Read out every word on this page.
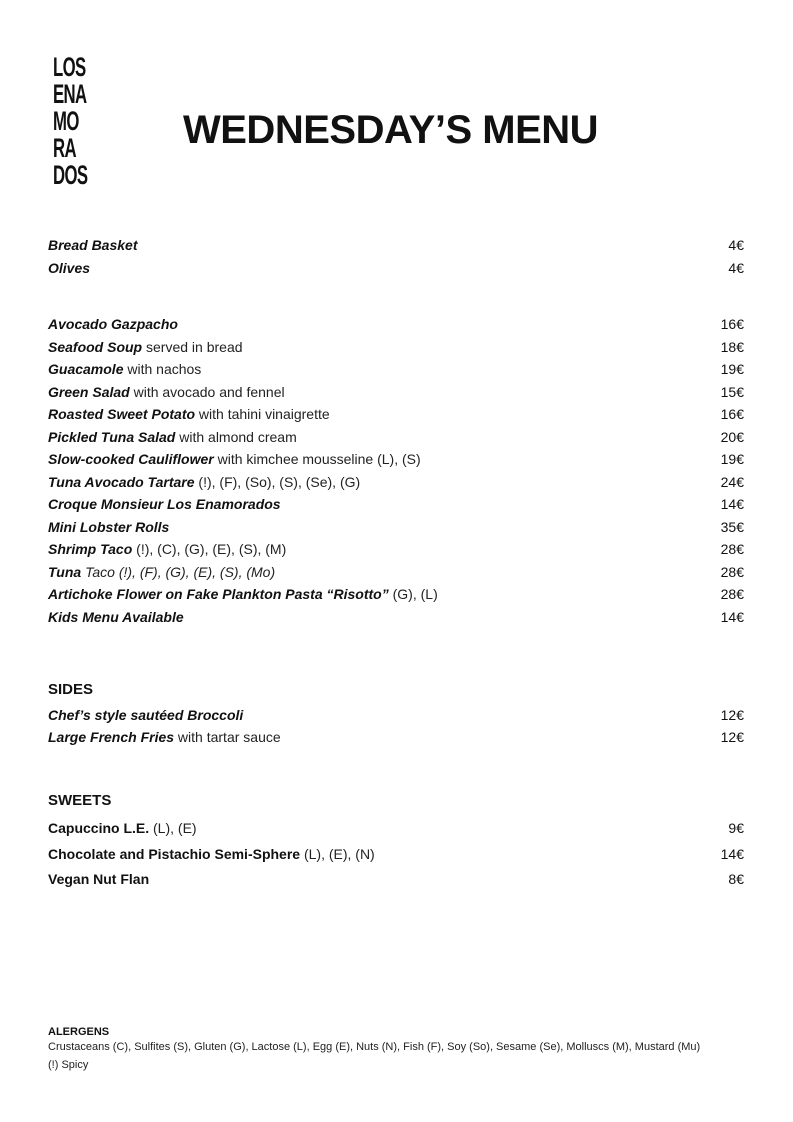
LOS
ENA
MO
RA
DOS
WEDNESDAY’S MENU
Bread Basket	4€
Olives	4€
Avocado Gazpacho	16€
Seafood Soup served in bread	18€
Guacamole with nachos	19€
Green Salad with avocado and fennel	15€
Roasted Sweet Potato with tahini vinaigrette	16€
Pickled Tuna Salad with almond cream	20€
Slow-cooked Cauliflower with kimchee mousseline (L), (S)	19€
Tuna Avocado Tartare (!), (F), (So), (S), (Se), (G)	24€
Croque Monsieur Los Enamorados	14€
Mini Lobster Rolls	35€
Shrimp Taco (!), (C), (G), (E), (S), (M)	28€
Tuna Taco (!), (F), (G), (E), (S), (Mo)	28€
Artichoke Flower on Fake Plankton Pasta “Risotto” (G), (L)	28€
Kids Menu Available	14€
SIDES
Chef’s style sautéed Broccoli	12€
Large French Fries with tartar sauce	12€
SWEETS
Capuccino L.E. (L), (E)	9€
Chocolate and Pistachio Semi-Sphere (L), (E), (N)	14€
Vegan Nut Flan	8€
ALERGENS
Crustaceans (C), Sulfites (S), Gluten (G), Lactose (L), Egg (E), Nuts (N), Fish (F), Soy (So), Sesame (Se), Molluscs (M), Mustard (Mu)
(!) Spicy
